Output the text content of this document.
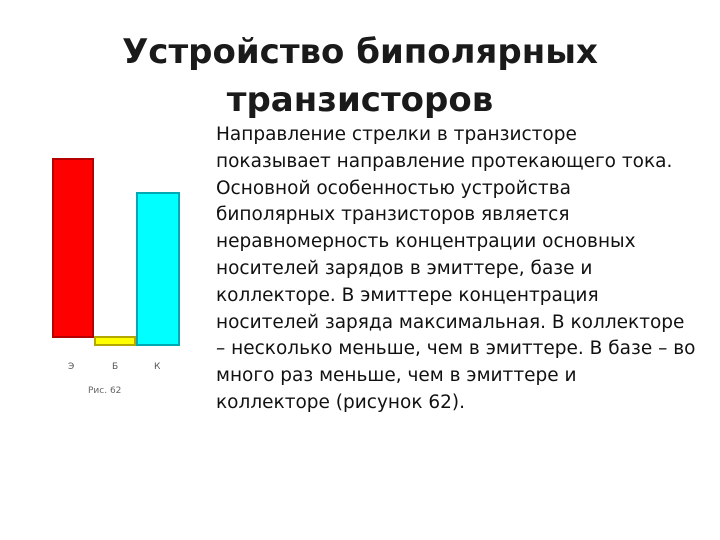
Устройство биполярных
транзисторов
Э	Б	К
Рис. 62
Направление стрелки в транзисторе показывает направление протекающего тока. Основной особенностью устройства биполярных транзисторов является неравномерность концентрации основных носителей зарядов в эмиттере, базе и коллекторе. В эмиттере концентрация носителей заряда максимальная. В коллекторе – несколько меньше, чем в эмиттере. В базе – во много раз меньше, чем в эмиттере и коллекторе (рисунок 62).
